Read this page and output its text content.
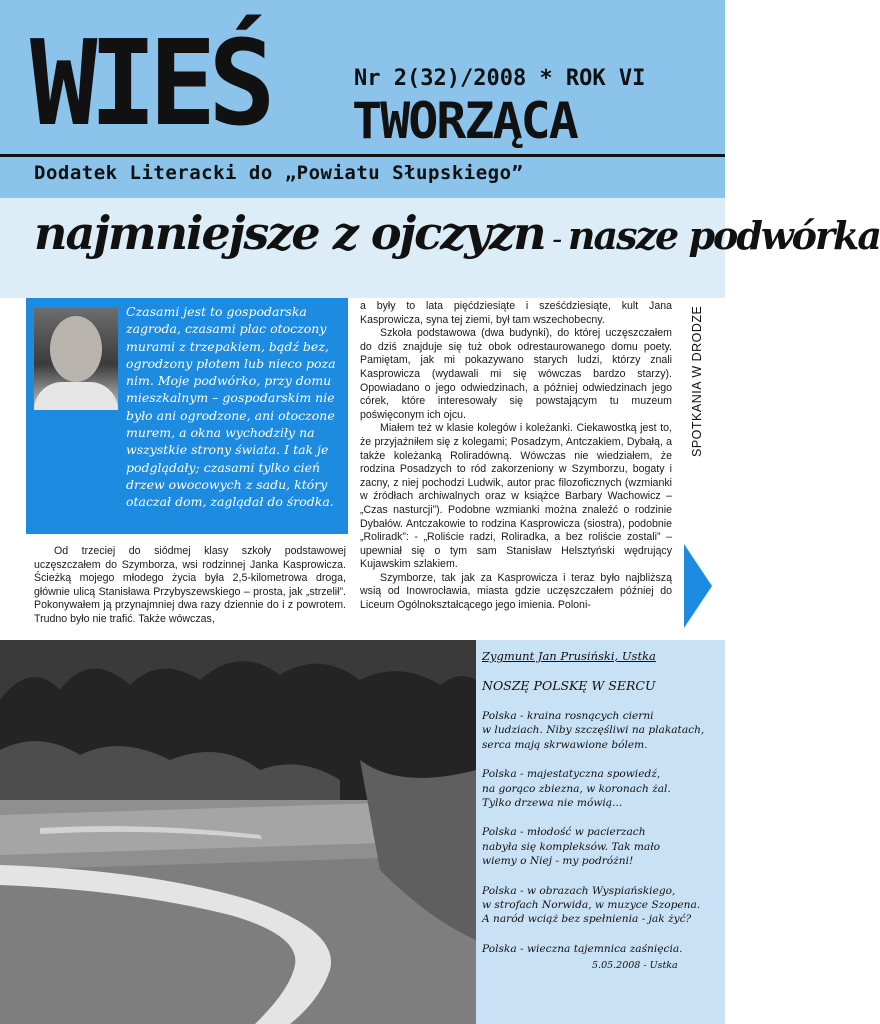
WIEŚ	Nr 2(32)/2008 * ROK VI
TWORZĄCA
Dodatek Literacki do „Powiatu Słupskiego”
najmniejsze z ojczyzn - nasze podwórka
Czasami jest to gospodarska zagroda, czasami plac otoczony murami z trzepakiem, bądź bez, ogrodzony płotem lub nieco poza nim. Moje podwórko, przy domu mieszkalnym – gospodarskim nie było ani ogrodzone, ani otoczone murem, a okna wychodziły na wszystkie strony świata. I tak je podglądały; czasami tylko cień drzew owocowych z sadu, który otaczał dom, zaglądał do środka.

Od trzeciej do siódmej klasy szkoły podstawowej uczęszczałem do Szymborza, wsi rodzinnej Janka Kasprowicza. Ścieżką mojego młodego życia była 2,5-kilometrowa droga, głównie ulicą Stanisława Przybyszewskiego – prosta, jak „strzelił”. Pokonywałem ją przynajmniej dwa razy dziennie do i z powrotem. Trudno było nie trafić. Także wówczas,

a były to lata pięćdziesiąte i sześćdziesiąte, kult Jana Kasprowicza, syna tej ziemi, był tam wszechobecny.

Szkoła podstawowa (dwa budynki), do której uczęszczałem do dziś znajduje się tuż obok odrestaurowanego domu poety. Pamiętam, jak mi pokazywano starych ludzi, którzy znali Kasprowicza (wydawali mi się wówczas bardzo starzy). Opowiadano o jego odwiedzinach, a później odwiedzinach jego córek, które interesowały się powstającym tu muzeum poświęconym ich ojcu.

Miałem też w klasie kolegów i koleżanki. Ciekawostką jest to, że przyjaźniłem się z kolegami; Posadzym, Antczakiem, Dybałą, a także koleżanką Roliradówną. Wówczas nie wiedziałem, że rodzina Posadzych to ród zakorzeniony w Szymborzu, bogaty i zacny, z niej pochodzi Ludwik, autor prac filozoficznych (wzmianki w źródłach archiwalnych oraz w książce Barbary Wachowicz – „Czas nasturcji”). Podobne wzmianki można znaleźć o rodzinie Dybałów. Antczakowie to rodzina Kasprowicza (siostra), podobnie „Roliradk”: - „Roliście radzi, Roliradka, a bez roliście zostali” – upewniał się o tym sam Stanisław Helsztyński wędrujący Kujawskim szlakiem.

Szymborze, tak jak za Kasprowicza i teraz było najbliższą wsią od Inowrocławia, miasta gdzie uczęszczałem później do Liceum Ogólnokształcącego jego imienia. Poloni-

SPOTKANIA W DRODZE
Zygmunt Jan Prusiński, Ustka
NOSZĘ POLSKĘ W SERCU
Polska - kraina rosnących cierni
w ludziach. Niby szczęśliwi na plakatach,
serca mają skrwawione bólem.
Polska - majestatyczna spowiedź,
na gorąco zbiezna, w koronach żal.
Tylko drzewa nie mówią...
Polska - młodość w pacierzach
nabyła się kompleksów. Tak mało
wiemy o Niej - my podróżni!
Polska - w obrazach Wyspiańskiego,
w strofach Norwida, w muzyce Szopena.
A naród wciąż bez spełnienia - jak żyć?
Polska - wieczna tajemnica zaśnięcia.
5.05.2008 - Ustka
